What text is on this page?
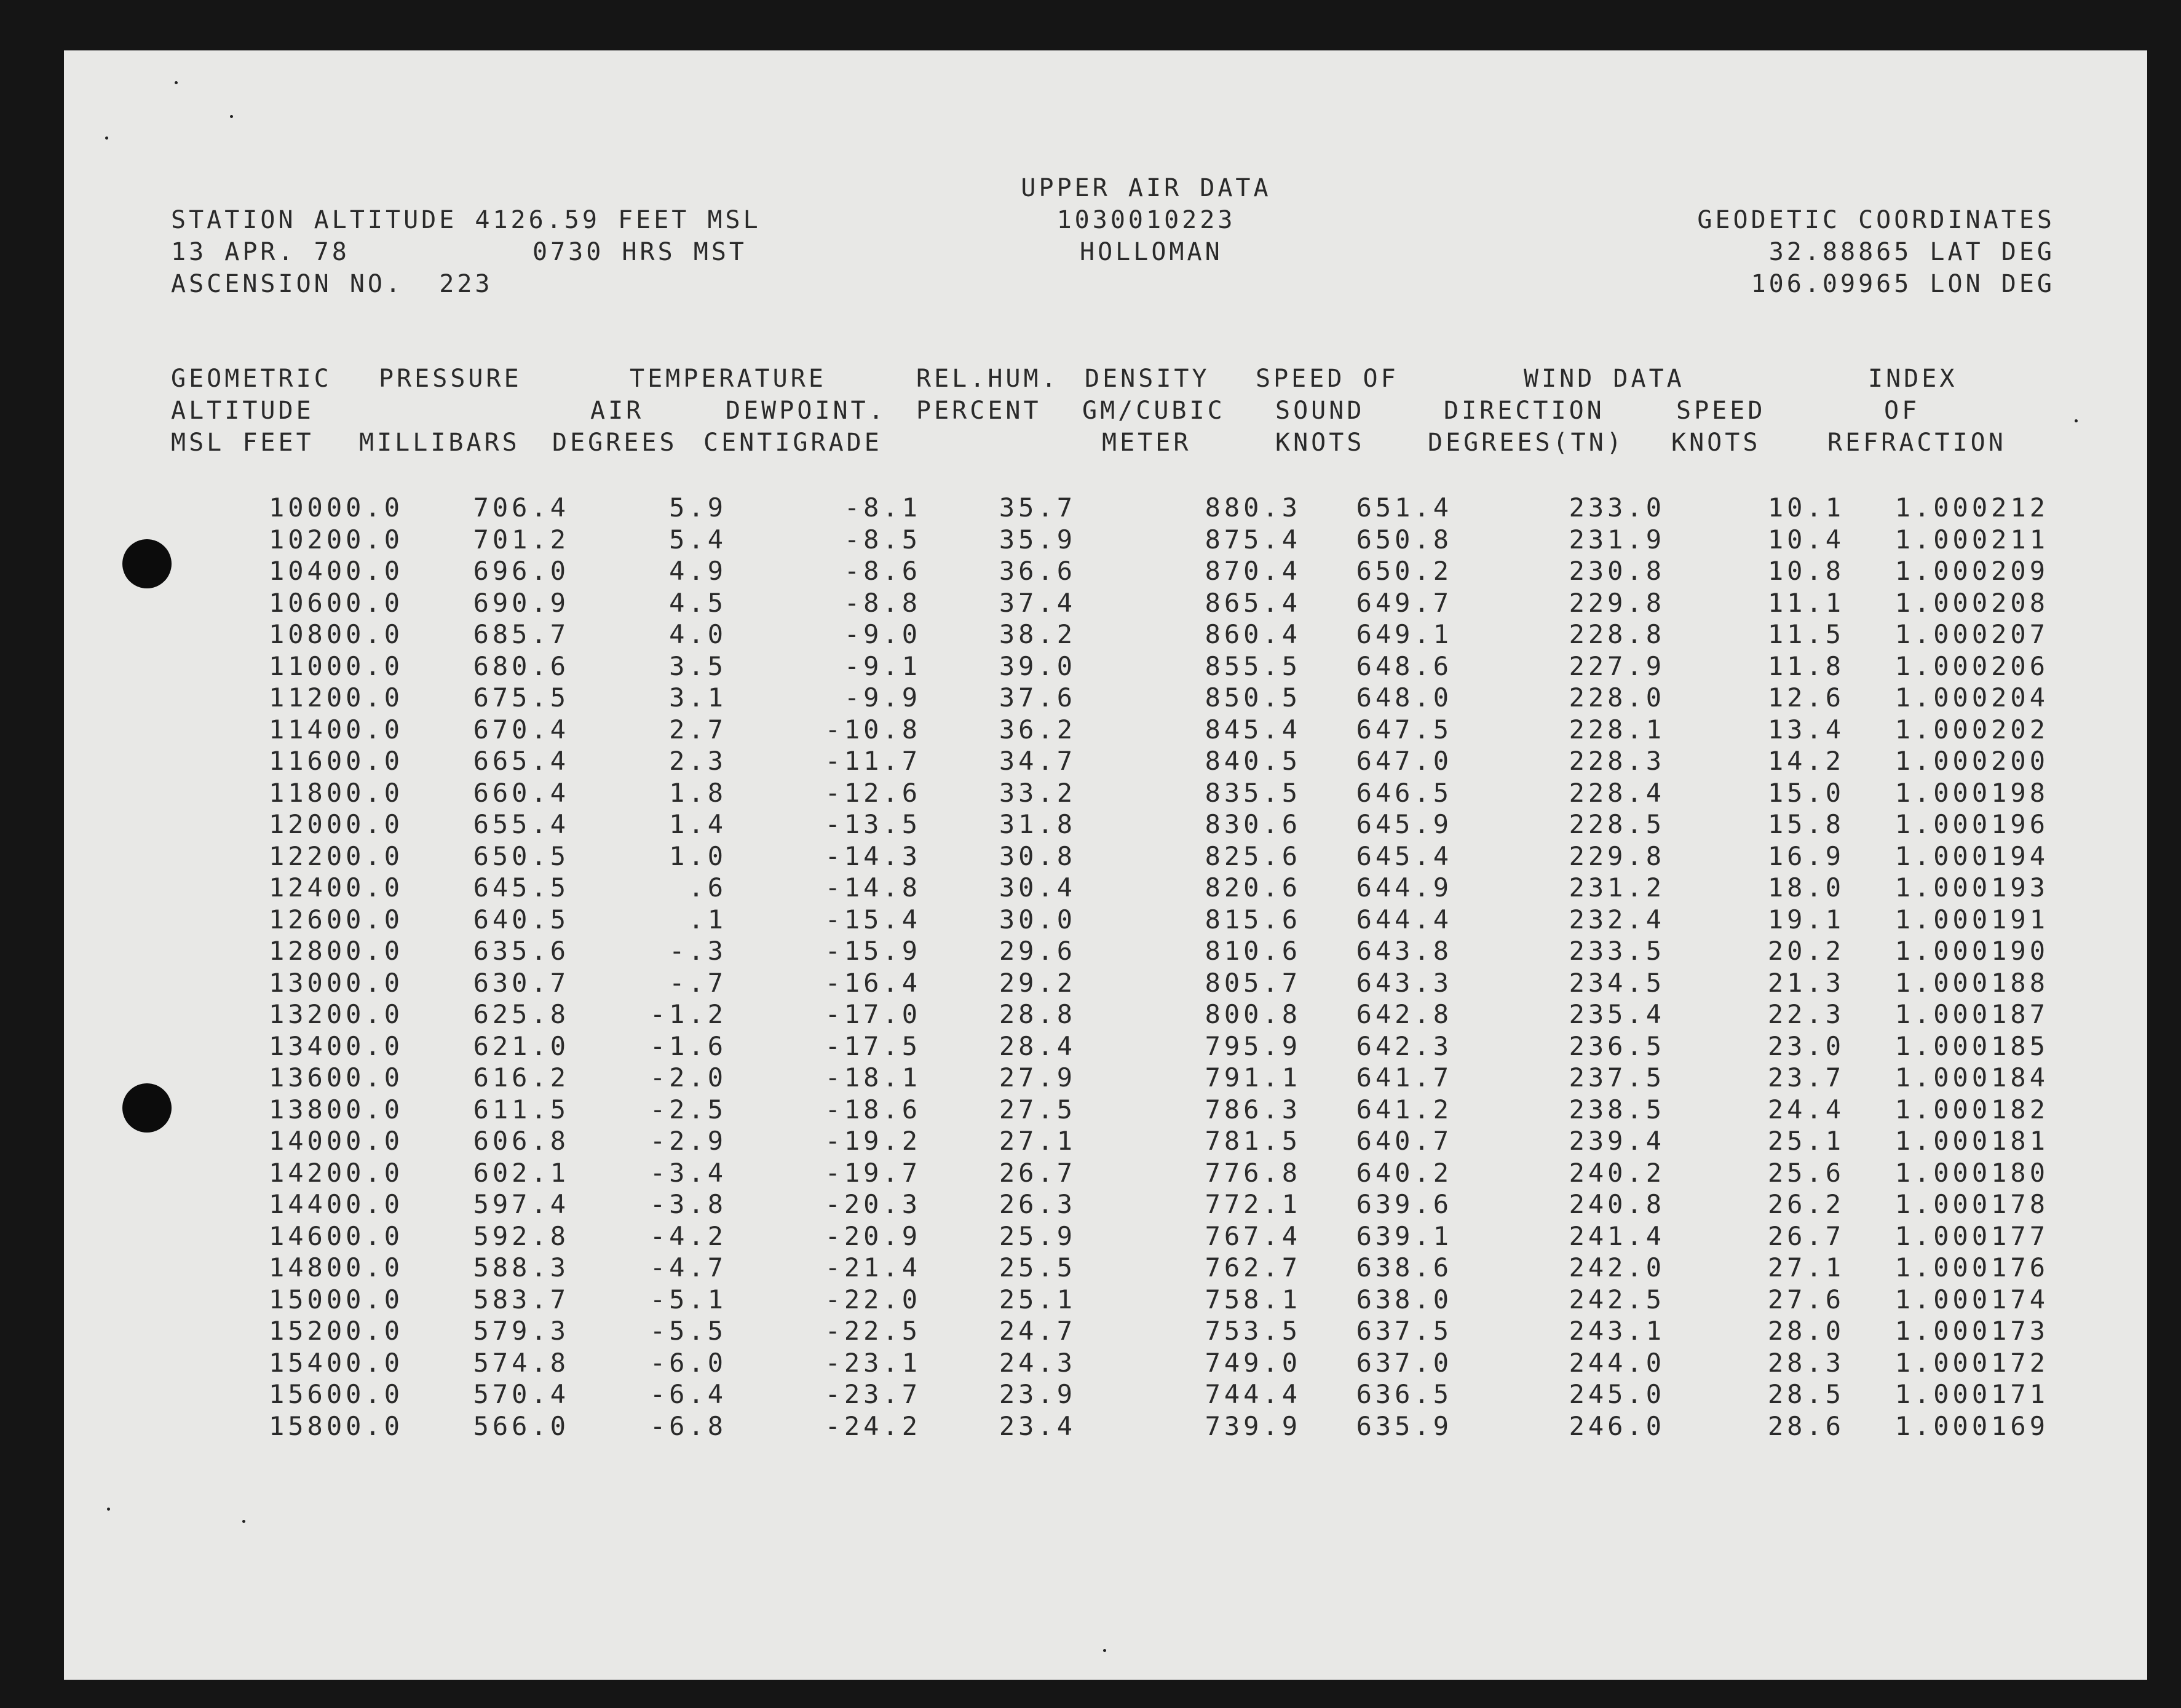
STATION ALTITUDE 4126.59 FEET MSL
13 APR. 78	0730 HRS MST
ASCENSION NO.  223
UPPER AIR DATA
1030010223
HOLLOMAN
GEODETIC COORDINATES
32.88865 LAT DEG
106.09965 LON DEG
GEOMETRIC
ALTITUDE
MSL FEET
PRESSURE
MILLIBARS
TEMPERATURE
AIR
DEGREES
DEWPOINT.
CENTIGRADE
REL.HUM.
PERCENT
DENSITY
GM/CUBIC
METER
SPEED OF
SOUND
KNOTS
WIND DATA
DIRECTION
DEGREES(TN)
SPEED
KNOTS
INDEX
OF
REFRACTION
10000.0
10200.0
10400.0
10600.0
10800.0
11000.0
11200.0
11400.0
11600.0
11800.0
12000.0
12200.0
12400.0
12600.0
12800.0
13000.0
13200.0
13400.0
13600.0
13800.0
14000.0
14200.0
14400.0
14600.0
14800.0
15000.0
15200.0
15400.0
15600.0
15800.0
706.4
701.2
696.0
690.9
685.7
680.6
675.5
670.4
665.4
660.4
655.4
650.5
645.5
640.5
635.6
630.7
625.8
621.0
616.2
611.5
606.8
602.1
597.4
592.8
588.3
583.7
579.3
574.8
570.4
566.0
5.9
5.4
4.9
4.5
4.0
3.5
3.1
2.7
2.3
1.8
1.4
1.0
.6
.1
-.3
-.7
-1.2
-1.6
-2.0
-2.5
-2.9
-3.4
-3.8
-4.2
-4.7
-5.1
-5.5
-6.0
-6.4
-6.8
-8.1
-8.5
-8.6
-8.8
-9.0
-9.1
-9.9
-10.8
-11.7
-12.6
-13.5
-14.3
-14.8
-15.4
-15.9
-16.4
-17.0
-17.5
-18.1
-18.6
-19.2
-19.7
-20.3
-20.9
-21.4
-22.0
-22.5
-23.1
-23.7
-24.2
35.7
35.9
36.6
37.4
38.2
39.0
37.6
36.2
34.7
33.2
31.8
30.8
30.4
30.0
29.6
29.2
28.8
28.4
27.9
27.5
27.1
26.7
26.3
25.9
25.5
25.1
24.7
24.3
23.9
23.4
880.3
875.4
870.4
865.4
860.4
855.5
850.5
845.4
840.5
835.5
830.6
825.6
820.6
815.6
810.6
805.7
800.8
795.9
791.1
786.3
781.5
776.8
772.1
767.4
762.7
758.1
753.5
749.0
744.4
739.9
651.4
650.8
650.2
649.7
649.1
648.6
648.0
647.5
647.0
646.5
645.9
645.4
644.9
644.4
643.8
643.3
642.8
642.3
641.7
641.2
640.7
640.2
639.6
639.1
638.6
638.0
637.5
637.0
636.5
635.9
233.0
231.9
230.8
229.8
228.8
227.9
228.0
228.1
228.3
228.4
228.5
229.8
231.2
232.4
233.5
234.5
235.4
236.5
237.5
238.5
239.4
240.2
240.8
241.4
242.0
242.5
243.1
244.0
245.0
246.0
10.1
10.4
10.8
11.1
11.5
11.8
12.6
13.4
14.2
15.0
15.8
16.9
18.0
19.1
20.2
21.3
22.3
23.0
23.7
24.4
25.1
25.6
26.2
26.7
27.1
27.6
28.0
28.3
28.5
28.6
1.000212
1.000211
1.000209
1.000208
1.000207
1.000206
1.000204
1.000202
1.000200
1.000198
1.000196
1.000194
1.000193
1.000191
1.000190
1.000188
1.000187
1.000185
1.000184
1.000182
1.000181
1.000180
1.000178
1.000177
1.000176
1.000174
1.000173
1.000172
1.000171
1.000169
